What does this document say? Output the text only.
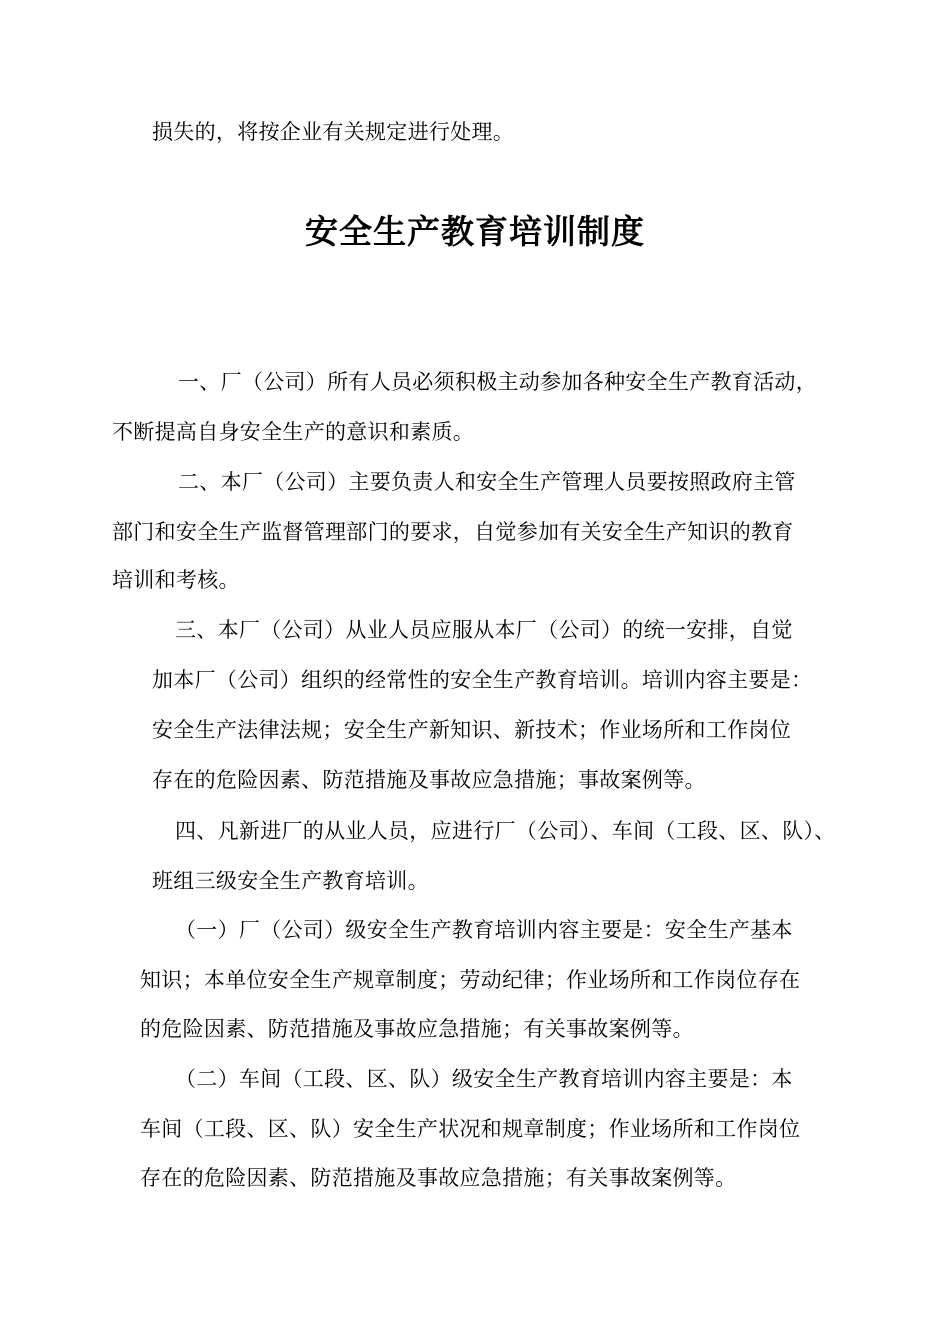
损失的，将按企业有关规定进行处理。
安全生产教育培训制度
一、厂（公司）所有人员必须积极主动参加各种安全生产教育活动，
不断提高自身安全生产的意识和素质。
二、本厂（公司）主要负责人和安全生产管理人员要按照政府主管
部门和安全生产监督管理部门的要求，自觉参加有关安全生产知识的教育
培训和考核。
三、本厂（公司）从业人员应服从本厂（公司）的统一安排，自觉
加本厂（公司）组织的经常性的安全生产教育培训。培训内容主要是：
安全生产法律法规；安全生产新知识、新技术；作业场所和工作岗位
存在的危险因素、防范措施及事故应急措施；事故案例等。
四、凡新进厂的从业人员，应进行厂（公司）、车间（工段、区、队）、
班组三级安全生产教育培训。
（一）厂（公司）级安全生产教育培训内容主要是：安全生产基本
知识；本单位安全生产规章制度；劳动纪律；作业场所和工作岗位存在
的危险因素、防范措施及事故应急措施；有关事故案例等。
（二）车间（工段、区、队）级安全生产教育培训内容主要是：本
车间（工段、区、队）安全生产状况和规章制度；作业场所和工作岗位
存在的危险因素、防范措施及事故应急措施；有关事故案例等。
